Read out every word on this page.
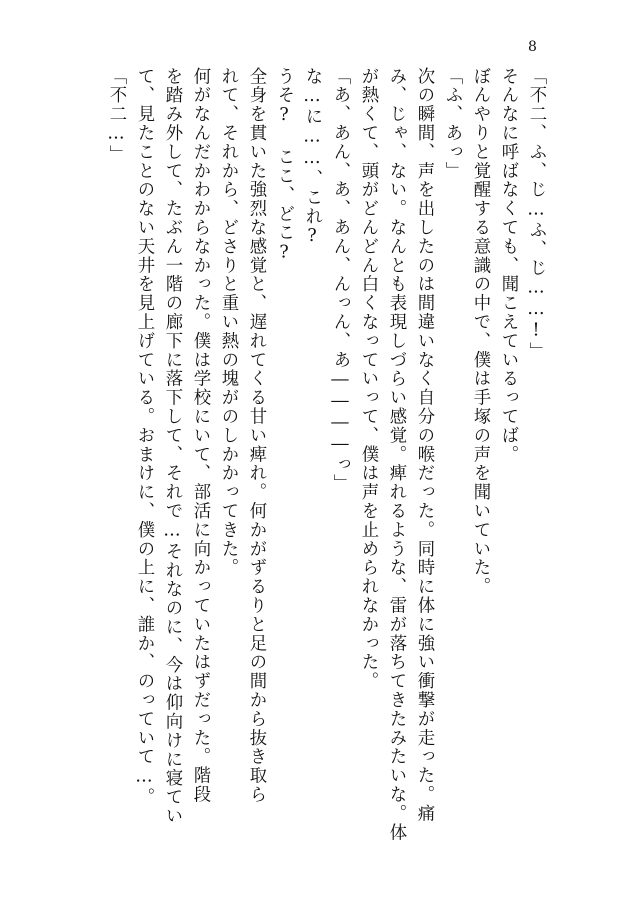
8
「不二、ふ、じ…ふ、じ……!」
そんなに呼ばなくても、聞こえているってば。
ぼんやりと覚醒する意識の中で、僕は手塚の声を聞いていた。
「ふ、あっ」
次の瞬間、声を出したのは間違いなく自分の喉だった。同時に体に強い衝撃が走った。痛
み、じゃ、ない。なんとも表現しづらい感覚。痺れるような、雷が落ちてきたみたいな。体
が熱くて、頭がどんどん白くなっていって、僕は声を止められなかった。
「あ、あん、あ、あん、んっん、あ――――っ」
な…に……、これ?
うそ? ここ、どこ?
全身を貫いた強烈な感覚と、遅れてくる甘い痺れ。何かがずるりと足の間から抜き取ら
れて、それから、どさりと重い熱の塊がのしかかってきた。
何がなんだかわからなかった。僕は学校にいて、部活に向かっていたはずだった。階段
を踏み外して、たぶん一階の廊下に落下して、それで…それなのに、今は仰向けに寝てい
て、見たことのない天井を見上げている。おまけに、僕の上に、誰か、のっていて…。
「不二…」
